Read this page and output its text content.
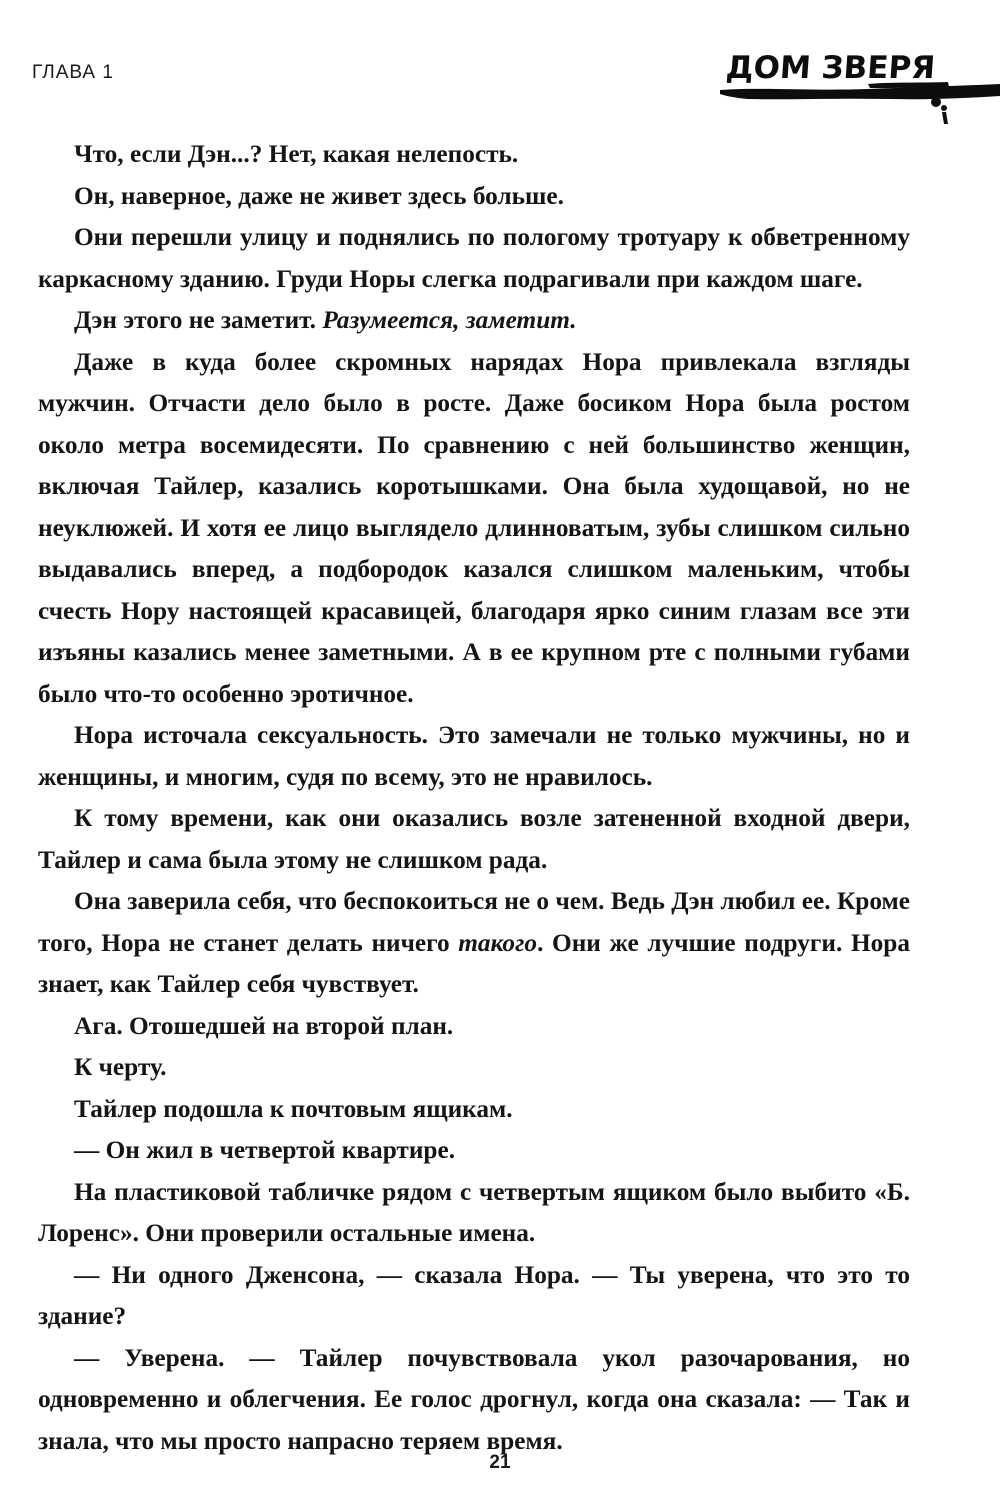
ГЛАВА 1	ДОМ ЗВЕРЯ

Что, если Дэн...? Нет, какая нелепость.

Он, наверное, даже не живет здесь больше.

Они перешли улицу и поднялись по пологому тротуару к обветренному каркасному зданию. Груди Норы слегка подрагивали при каждом шаге.

Дэн этого не заметит. Разумеется, заметит.

Даже в куда более скромных нарядах Нора привлекала взгляды мужчин. Отчасти дело было в росте. Даже босиком Нора была ростом около метра восемидесяти. По сравнению с ней большинство женщин, включая Тайлер, казались коротышками. Она была худощавой, но не неуклюжей. И хотя ее лицо выглядело длинноватым, зубы слишком сильно выдавались вперед, а подбородок казался слишком маленьким, чтобы счесть Нору настоящей красавицей, благодаря ярко синим глазам все эти изъяны казались менее заметными. А в ее крупном рте с полными губами было что-то особенно эротичное.

Нора источала сексуальность. Это замечали не только мужчины, но и женщины, и многим, судя по всему, это не нравилось.

К тому времени, как они оказались возле затененной входной двери, Тайлер и сама была этому не слишком рада.

Она заверила себя, что беспокоиться не о чем. Ведь Дэн любил ее. Кроме того, Нора не станет делать ничего такого. Они же лучшие подруги. Нора знает, как Тайлер себя чувствует.

Ага. Отошедшей на второй план.

К черту.

Тайлер подошла к почтовым ящикам.

— Он жил в четвертой квартире.

На пластиковой табличке рядом с четвертым ящиком было выбито «Б. Лоренс». Они проверили остальные имена.

— Ни одного Дженсона, — сказала Нора. — Ты уверена, что это то здание?

— Уверена. — Тайлер почувствовала укол разочарования, но одновременно и облегчения. Ее голос дрогнул, когда она сказала: — Так и знала, что мы просто напрасно теряем время.

21
